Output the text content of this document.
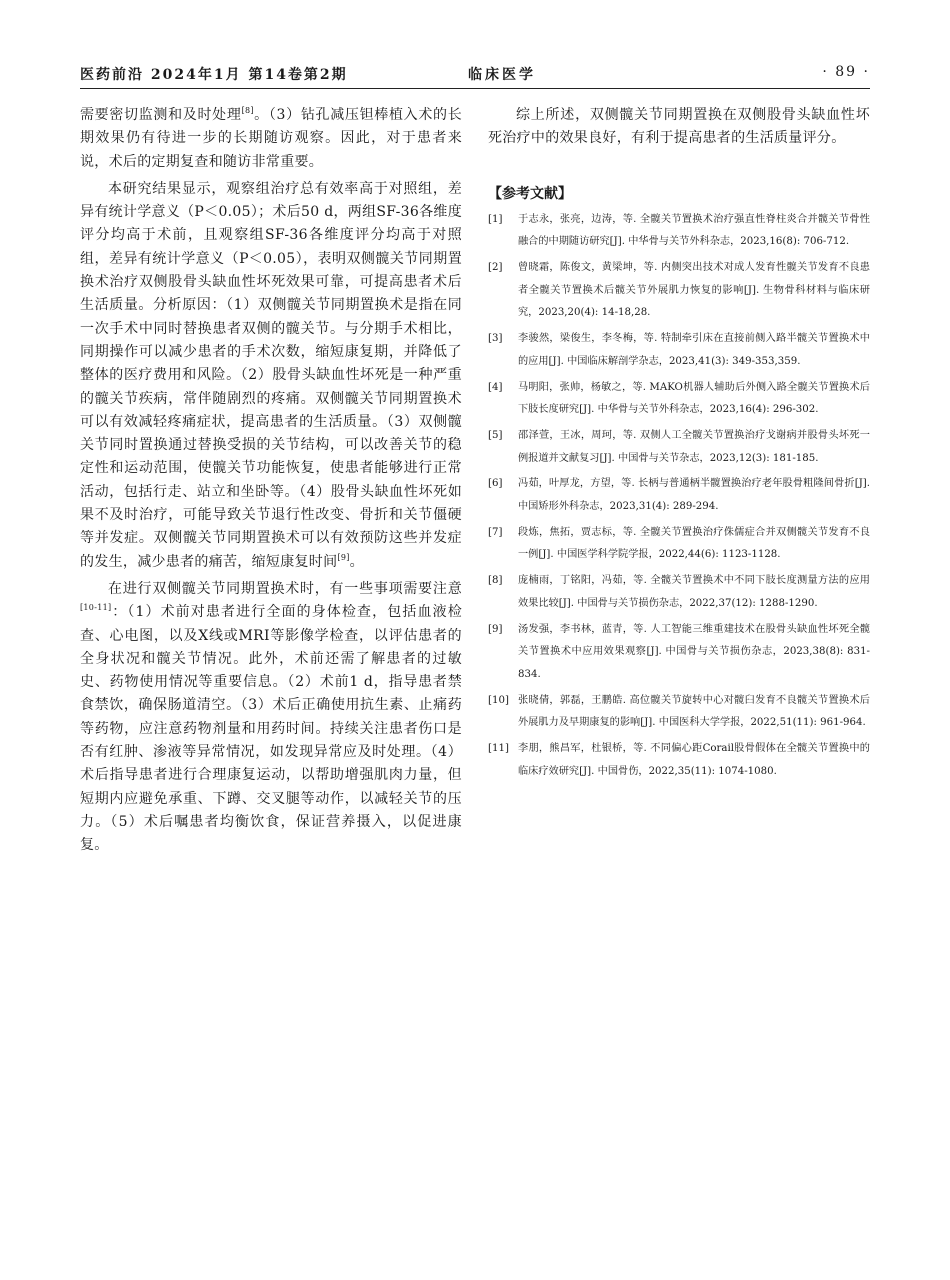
医药前沿 2024年1月 第14卷第2期	临床医学	· 89 ·

需要密切监测和及时处理[8]。（3）钻孔减压钽棒植入术的长期效果仍有待进一步的长期随访观察。因此，对于患者来说，术后的定期复查和随访非常重要。

本研究结果显示，观察组治疗总有效率高于对照组，差异有统计学意义（P＜0.05）；术后50 d，两组SF-36各维度评分均高于术前，且观察组SF-36各维度评分均高于对照组，差异有统计学意义（P＜0.05），表明双侧髋关节同期置换术治疗双侧股骨头缺血性坏死效果可靠，可提高患者术后生活质量。分析原因：（1）双侧髋关节同期置换术是指在同一次手术中同时替换患者双侧的髋关节。与分期手术相比，同期操作可以减少患者的手术次数，缩短康复期，并降低了整体的医疗费用和风险。（2）股骨头缺血性坏死是一种严重的髋关节疾病，常伴随剧烈的疼痛。双侧髋关节同期置换术可以有效减轻疼痛症状，提高患者的生活质量。（3）双侧髋关节同时置换通过替换受损的关节结构，可以改善关节的稳定性和运动范围，使髋关节功能恢复，使患者能够进行正常活动，包括行走、站立和坐卧等。（4）股骨头缺血性坏死如果不及时治疗，可能导致关节退行性改变、骨折和关节僵硬等并发症。双侧髋关节同期置换术可以有效预防这些并发症的发生，减少患者的痛苦，缩短康复时间[9]。

在进行双侧髋关节同期置换术时，有一些事项需要注意[10-11]：（1）术前对患者进行全面的身体检查，包括血液检查、心电图，以及X线或MRI等影像学检查，以评估患者的全身状况和髋关节情况。此外，术前还需了解患者的过敏史、药物使用情况等重要信息。（2）术前1 d，指导患者禁食禁饮，确保肠道清空。（3）术后正确使用抗生素、止痛药等药物，应注意药物剂量和用药时间。持续关注患者伤口是否有红肿、渗液等异常情况，如发现异常应及时处理。（4）术后指导患者进行合理康复运动，以帮助增强肌肉力量，但短期内应避免承重、下蹲、交叉腿等动作，以减轻关节的压力。（5）术后嘱患者均衡饮食，保证营养摄入，以促进康复。

综上所述，双侧髋关节同期置换在双侧股骨头缺血性坏死治疗中的效果良好，有利于提高患者的生活质量评分。

【参考文献】
[1] 于志永，张亮，边涛，等. 全髋关节置换术治疗强直性脊柱炎合并髋关节骨性融合的中期随访研究[J]. 中华骨与关节外科杂志，2023,16(8): 706-712.
[2] 曾晓霜，陈俊文，黄梁坤，等. 内侧突出技术对成人发育性髋关节发育不良患者全髋关节置换术后髋关节外展肌力恢复的影响[J]. 生物骨科材料与临床研究，2023,20(4): 14-18,28.
[3] 李骏然，梁俊生，李冬梅，等. 特制牵引床在直接前侧入路半髋关节置换术中的应用[J]. 中国临床解剖学杂志，2023,41(3): 349-353,359.
[4] 马明阳，张帅，杨敏之，等. MAKO机器人辅助后外侧入路全髋关节置换术后下肢长度研究[J]. 中华骨与关节外科杂志，2023,16(4): 296-302.
[5] 邵泽萱，王冰，周珂，等. 双侧人工全髋关节置换治疗戈谢病并股骨头坏死一例报道并文献复习[J]. 中国骨与关节杂志，2023,12(3): 181-185.
[6] 冯茹，叶厚龙，方望，等. 长柄与普通柄半髋置换治疗老年股骨粗隆间骨折[J]. 中国矫形外科杂志，2023,31(4): 289-294.
[7] 段炼，焦拓，贾志标，等. 全髋关节置换治疗侏儒症合并双侧髋关节发育不良一例[J]. 中国医学科学院学报，2022,44(6): 1123-1128.
[8] 庞楠雨，丁铭阳，冯茹，等. 全髋关节置换术中不同下肢长度测量方法的应用效果比较[J]. 中国骨与关节损伤杂志，2022,37(12): 1288-1290.
[9] 汤发强，李书林，蓝青，等. 人工智能三维重建技术在股骨头缺血性坏死全髋关节置换术中应用效果观察[J]. 中国骨与关节损伤杂志，2023,38(8): 831-834.
[10] 张晓倩，郭磊，王鹏皓. 高位髋关节旋转中心对髋臼发育不良髋关节置换术后外展肌力及早期康复的影响[J]. 中国医科大学学报，2022,51(11): 961-964.
[11] 李朋，熊昌军，杜银桥，等. 不同偏心距Corail股骨假体在全髋关节置换中的临床疗效研究[J]. 中国骨伤，2022,35(11): 1074-1080.
